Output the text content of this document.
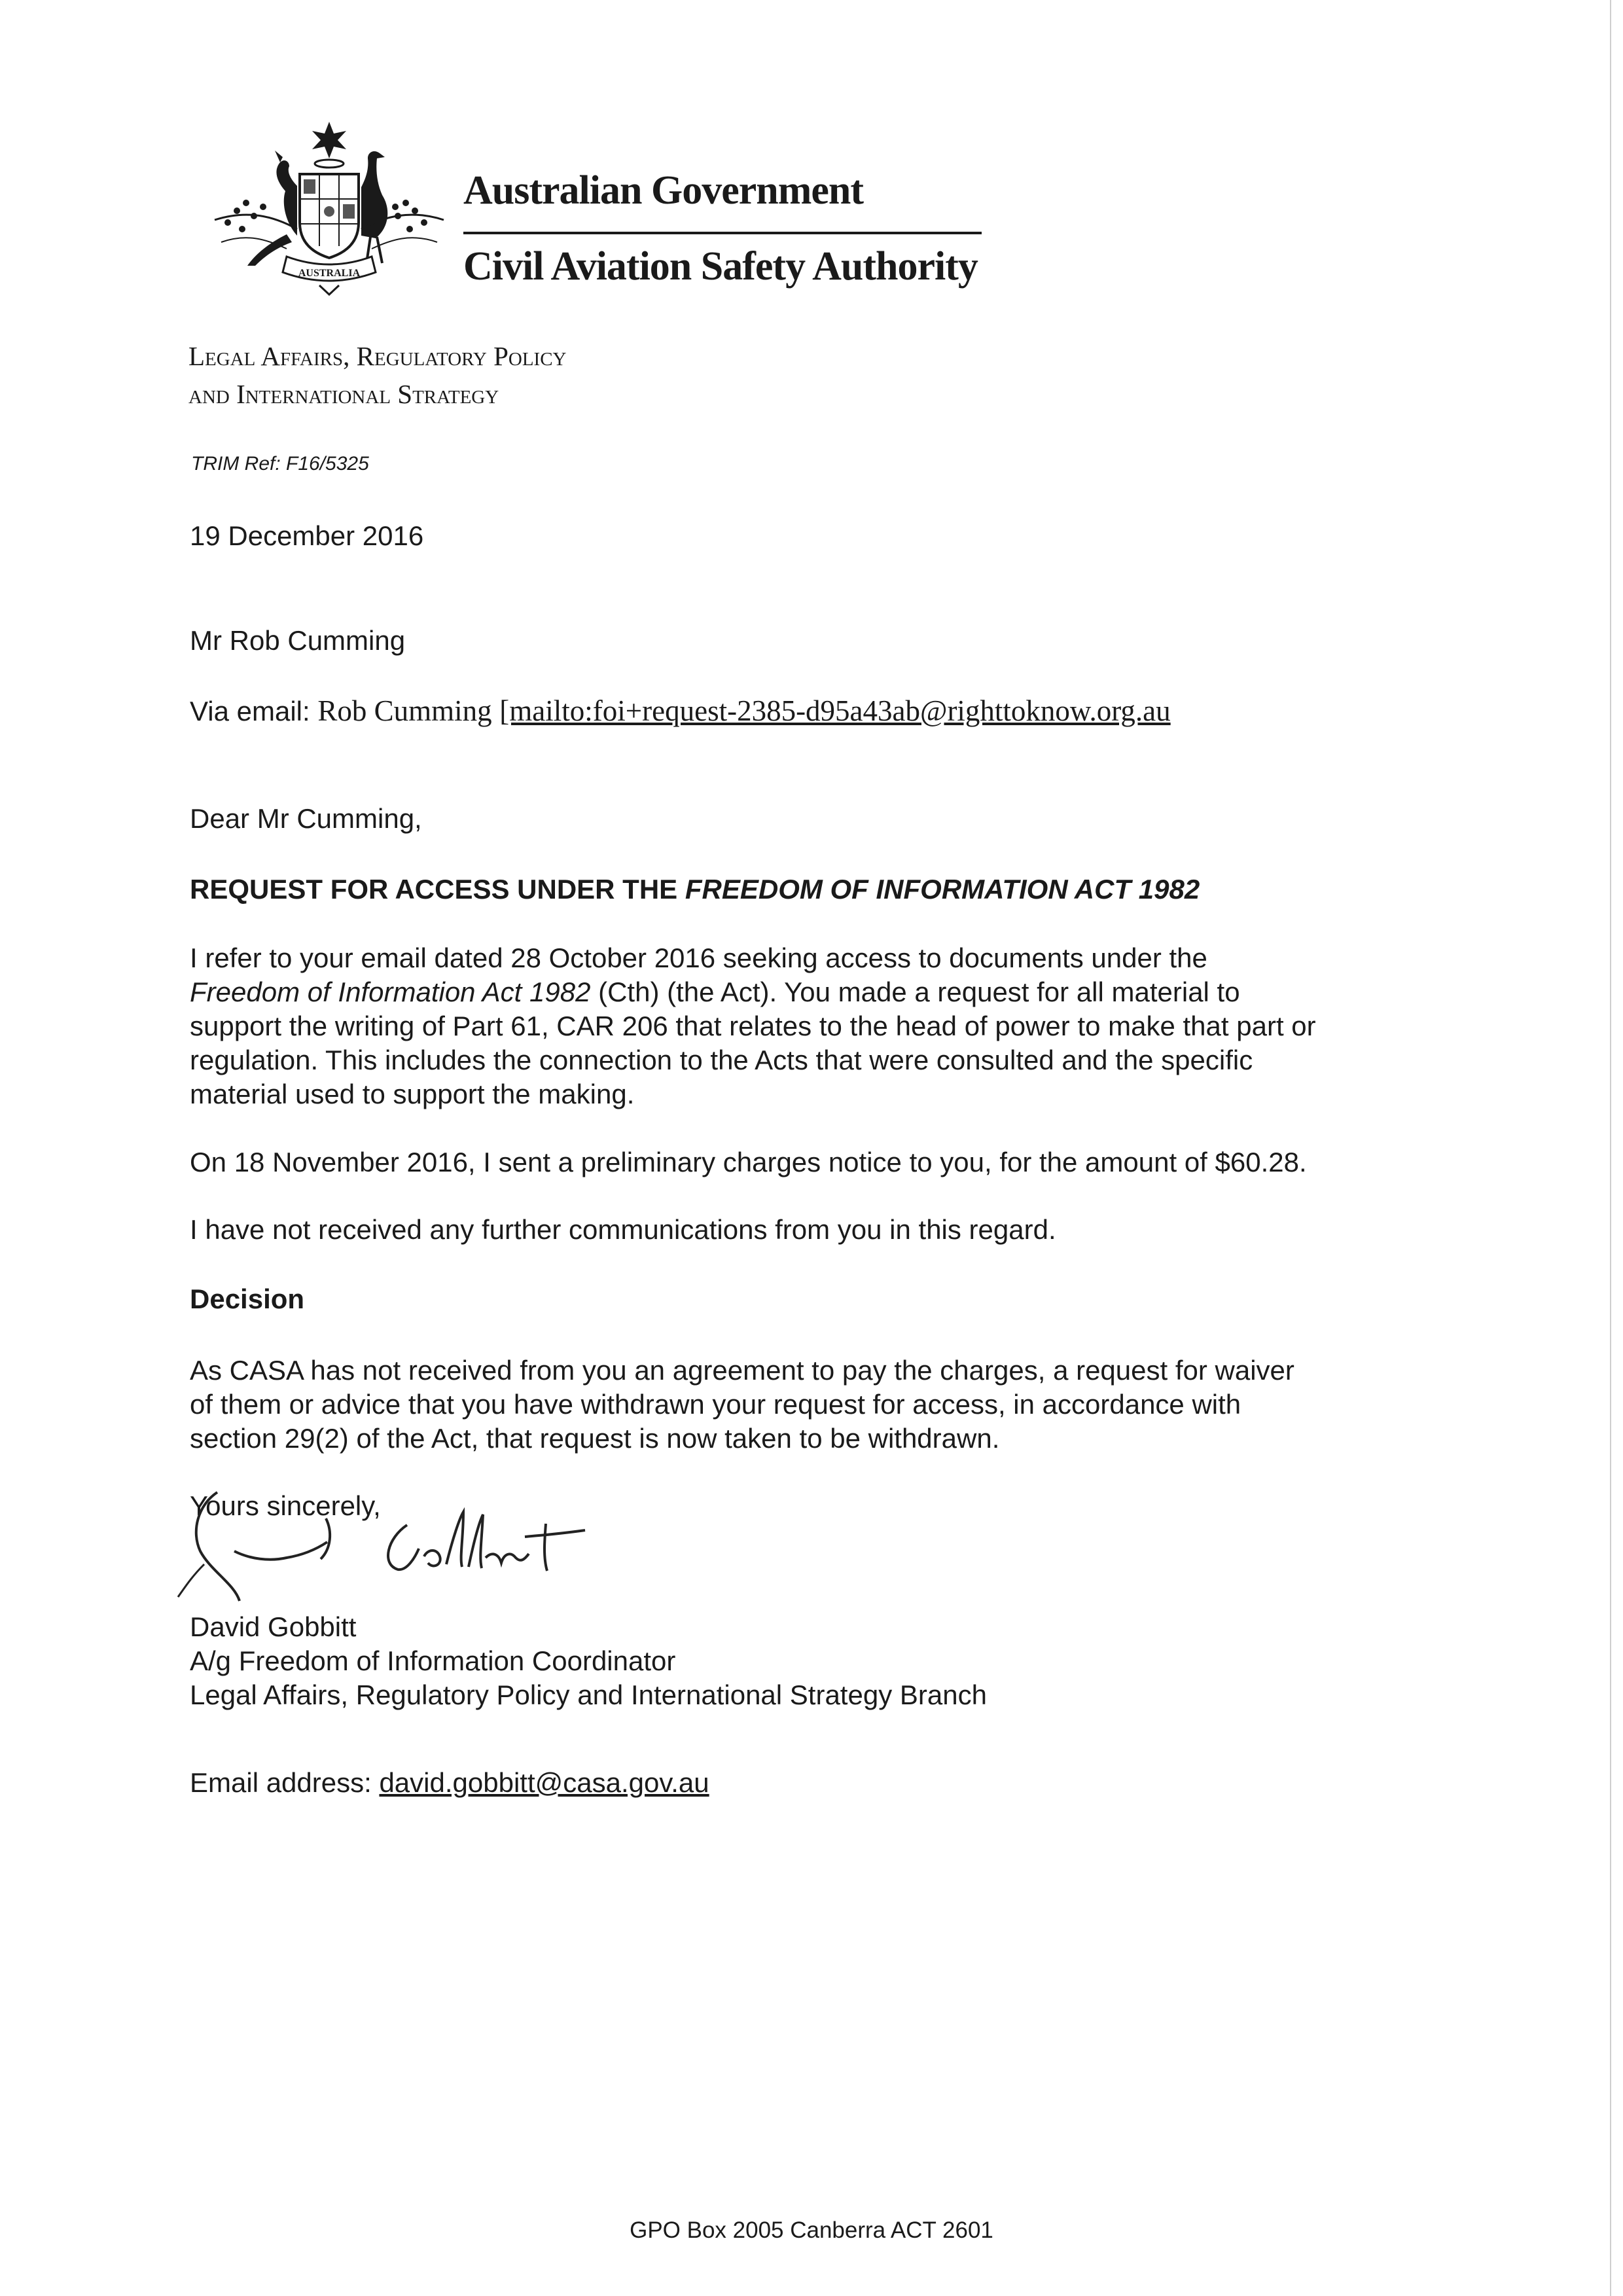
AUSTRALIA
Australian Government
Civil Aviation Safety Authority
Legal Affairs, Regulatory Policy
and International Strategy
TRIM Ref: F16/5325
19 December 2016
Mr Rob Cumming
Via email: Rob Cumming [mailto:foi+request-2385-d95a43ab@righttoknow.org.au
Dear Mr Cumming,
REQUEST FOR ACCESS UNDER THE FREEDOM OF INFORMATION ACT 1982
I refer to your email dated 28 October 2016 seeking access to documents under the
Freedom of Information Act 1982 (Cth) (the Act). You made a request for all material to
support the writing of Part 61, CAR 206 that relates to the head of power to make that part or
regulation. This includes the connection to the Acts that were consulted and the specific
material used to support the making.
On 18 November 2016, I sent a preliminary charges notice to you, for the amount of $60.28.
I have not received any further communications from you in this regard.
Decision
As CASA has not received from you an agreement to pay the charges, a request for waiver
of them or advice that you have withdrawn your request for access, in accordance with
section 29(2) of the Act, that request is now taken to be withdrawn.
Yours sincerely,
David Gobbitt
A/g Freedom of Information Coordinator
Legal Affairs, Regulatory Policy and International Strategy Branch
Email address: david.gobbitt@casa.gov.au
GPO Box 2005 Canberra ACT 2601
